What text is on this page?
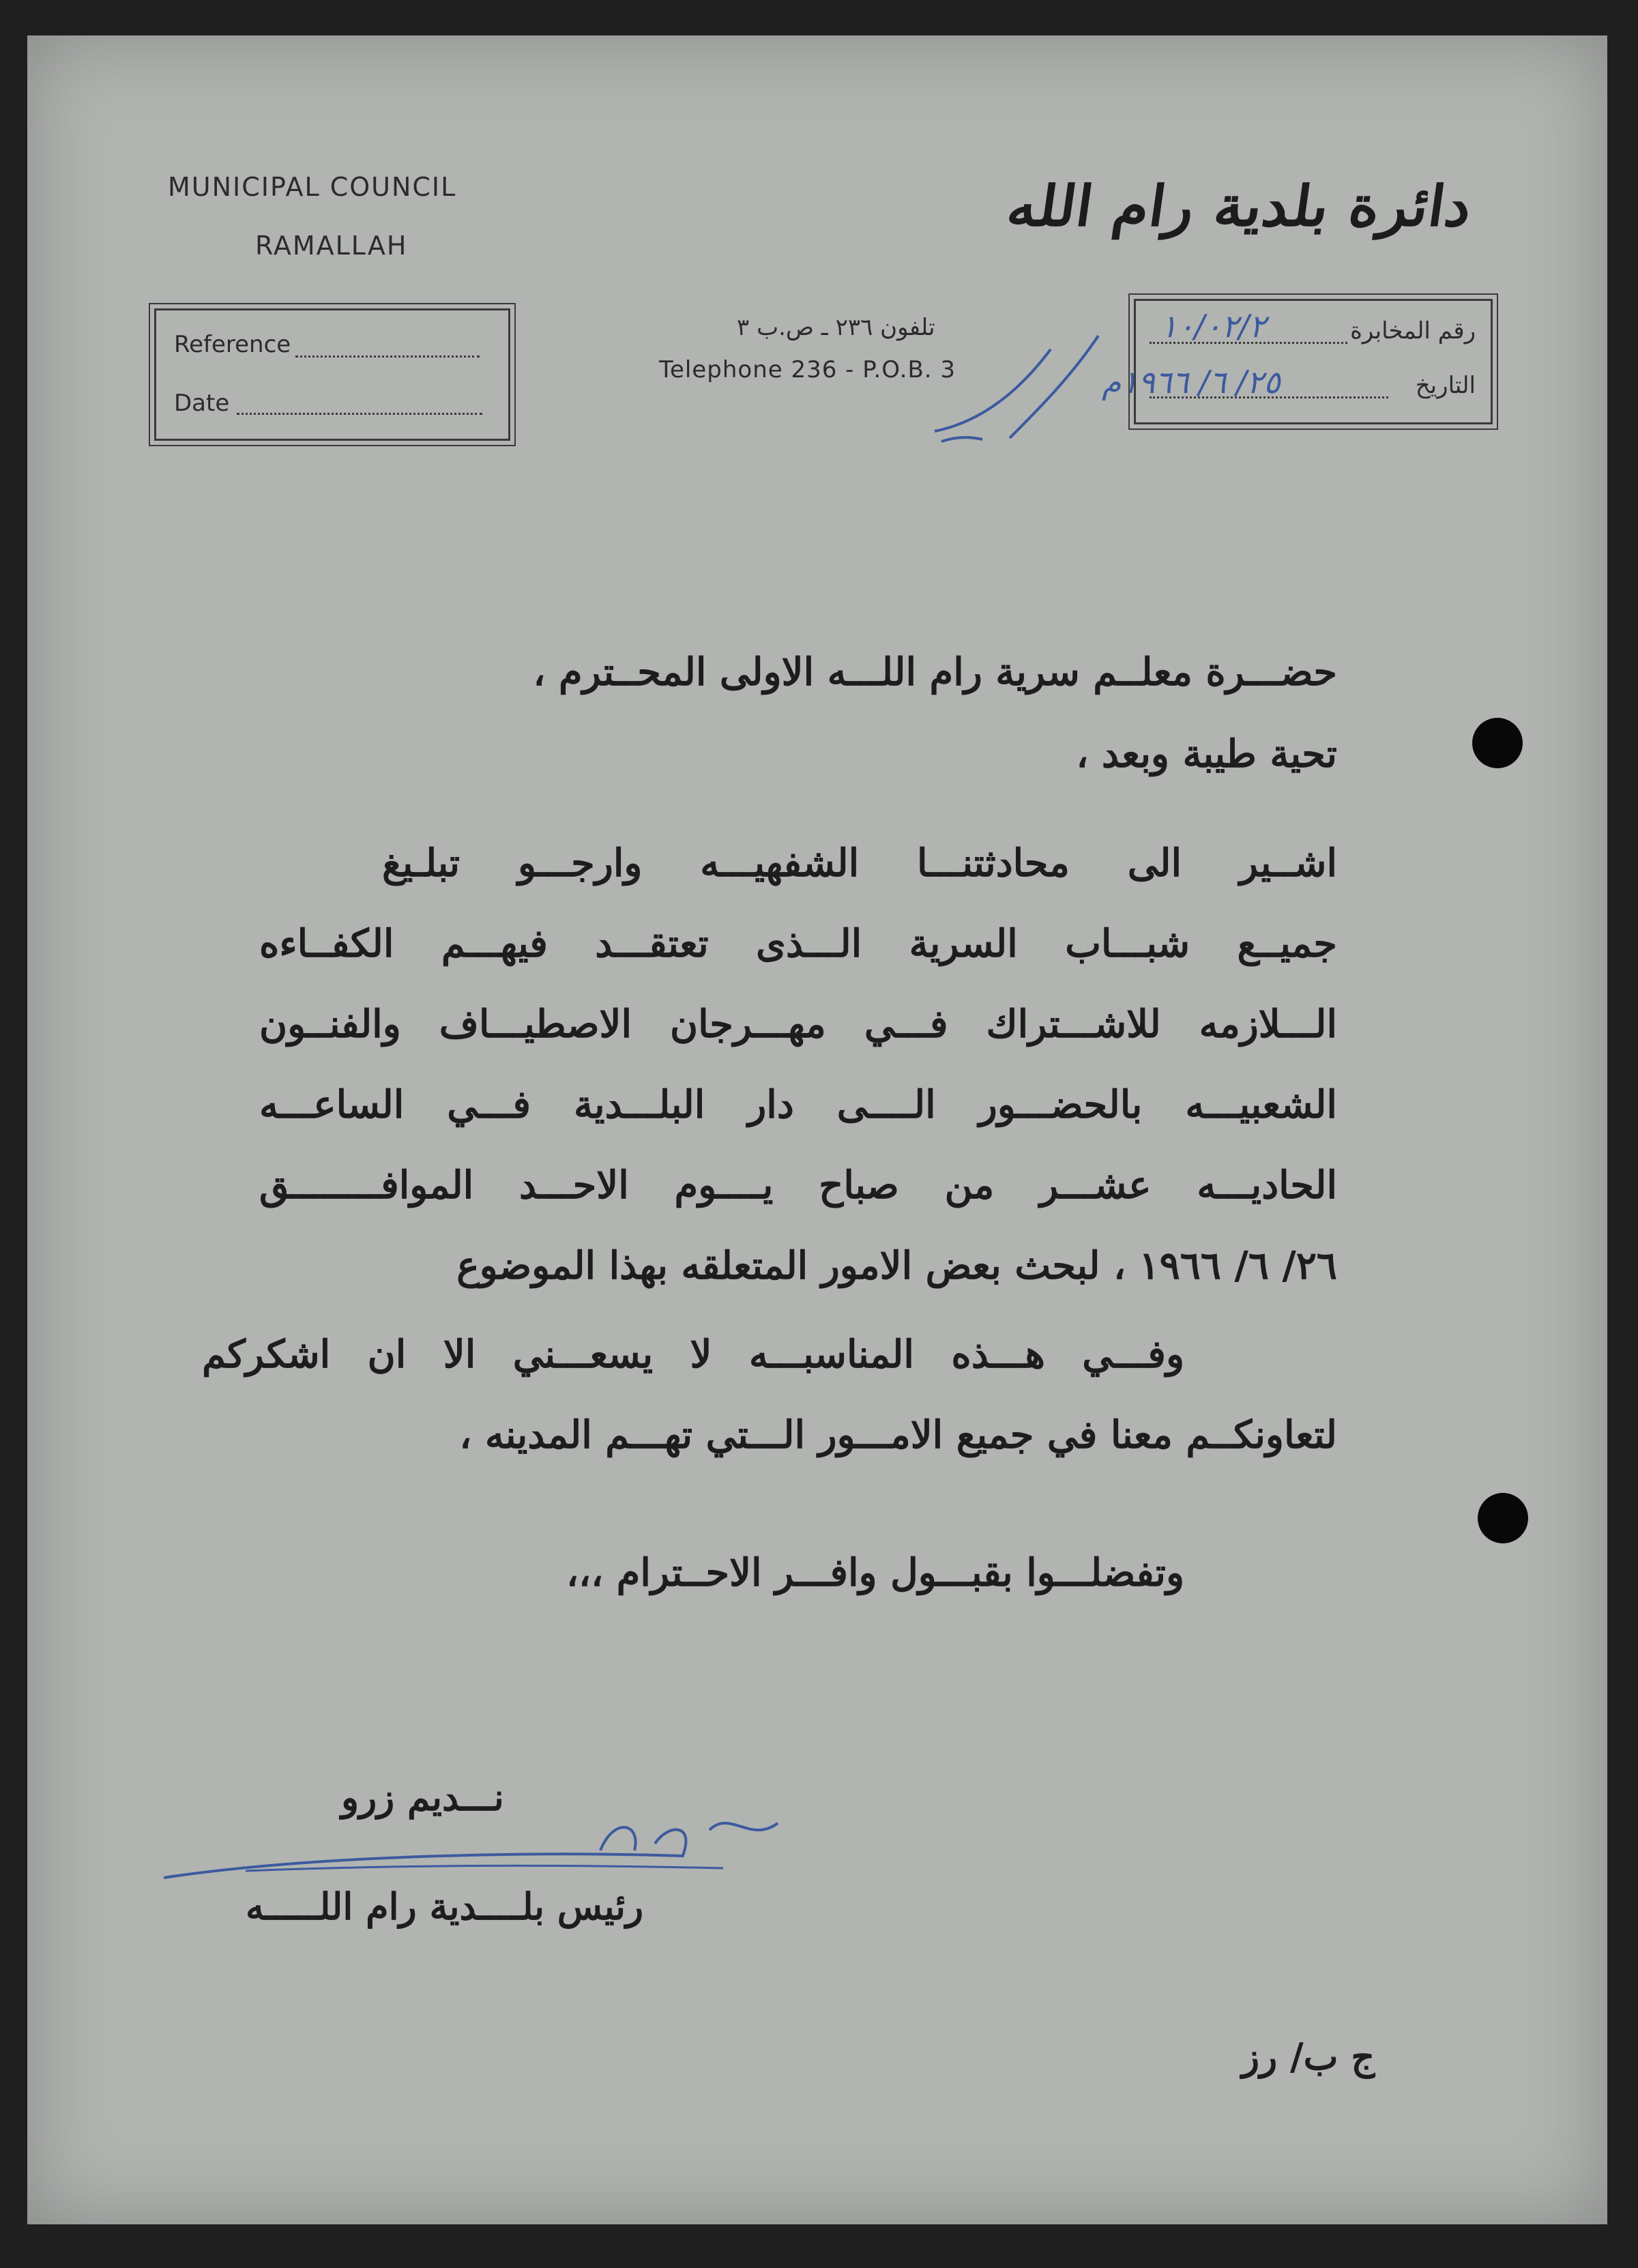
MUNICIPAL COUNCIL
RAMALLAH
دائرة بلدية رام الله
Reference
Date
تلفون ٢٣٦ ـ ص.ب ٣
Telephone 236 - P.O.B. 3
رقم المخابرة
التاريخ
١٠/٠٢/٢
٢٥/ ٦/ ١٩٦٦م
حضـــرة معلــم سرية رام اللـــه الاولى المحــترم ،
تحية طيبة وبعد ،
اشــير الى محادثتنـــا الشفهيـــه وارجـــو تبلـيغ
جميــع شبـــاب السرية الـــذى تعتقـــد فيهـــم الكفــاءه
الـــلازمه للاشـــتراك فـــي مهـــرجان الاصطيـــاف والفنــون
الشعبيـــه بالحضـــور الــــى دار البلـــدية فـــي الساعـــه
الحاديـــه عشـــر من صباح يــــوم الاحـــد الموافــــــــق
٢٦/ ٦/ ١٩٦٦ ، لبحث بعض الامور المتعلقه بهذا الموضوع
وفـــي هـــذه المناسبـــه لا يسعـــني الا ان اشكركم
لتعاونكــم معنا في جميع الامـــور الـــتي تهـــم المدينه ،
وتفضلـــوا بقبـــول وافـــر الاحــترام ،،،
نـــديم زرو
رئيس بلــــدية رام اللـــــه
ج ب/ رز
